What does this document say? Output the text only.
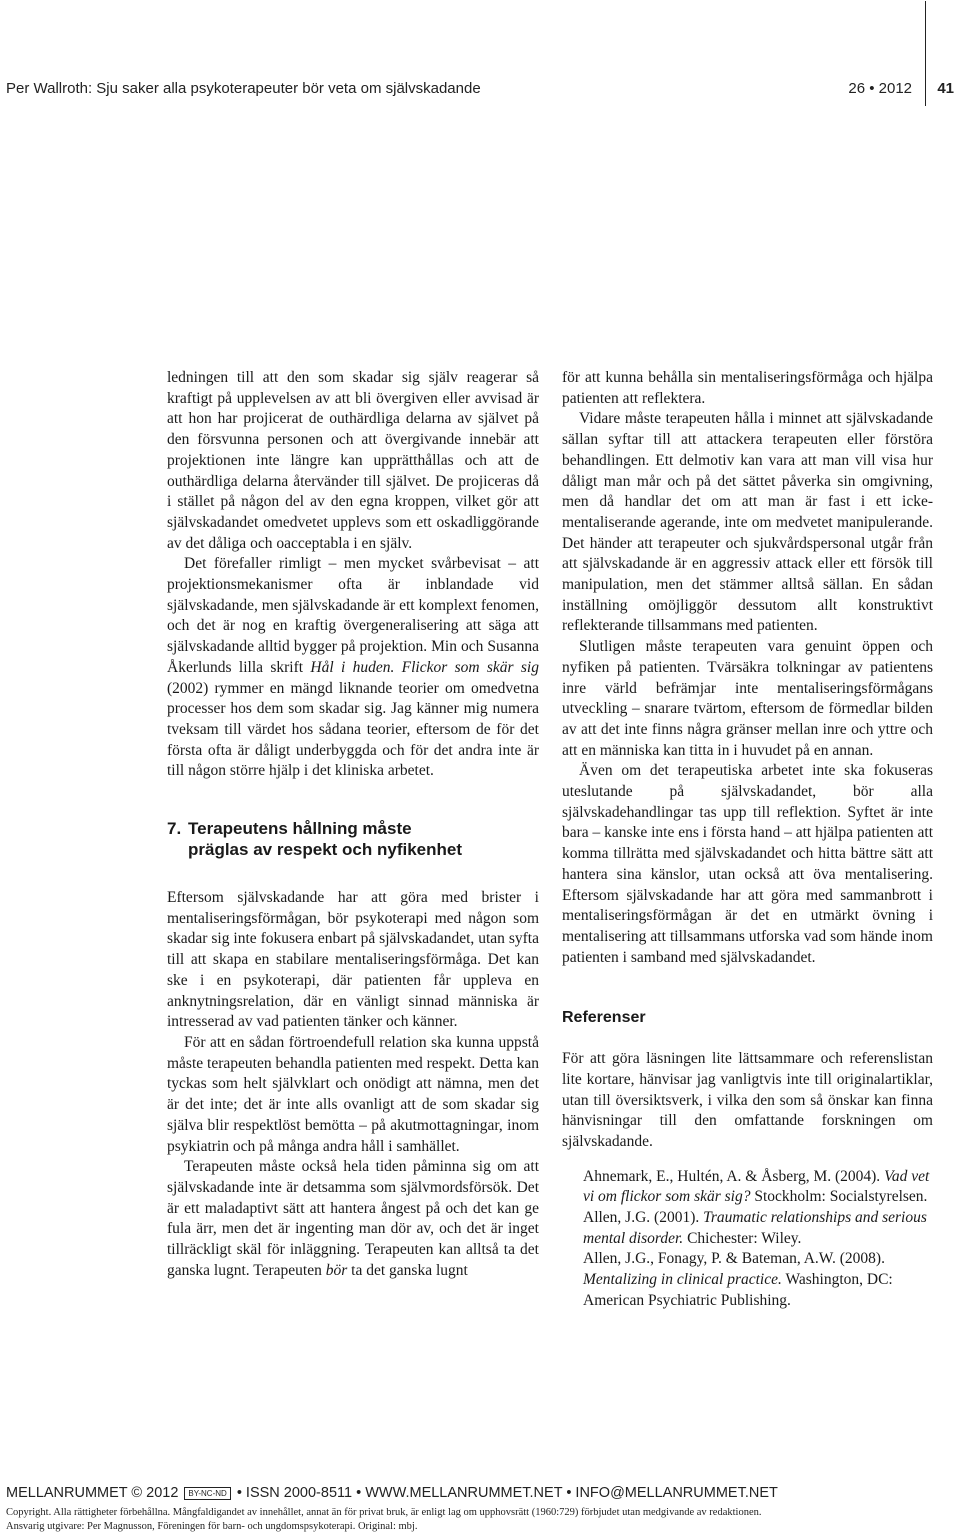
Per Wallroth: Sju saker alla psykoterapeuter bör veta om självskadande	26 • 2012 41

ledningen till att den som skadar sig själv reagerar så kraftigt på upplevelsen av att bli övergiven eller avvisad är att hon har projicerat de outhärdliga delarna av självet på den försvunna personen och att övergivande innebär att projektionen inte längre kan upprätthållas och att de outhärdliga delarna återvänder till självet. De projiceras då i stället på någon del av den egna kroppen, vilket gör att självskadandet omedvetet upplevs som ett oskadliggörande av det dåliga och oacceptabla i en själv.

Det förefaller rimligt – men mycket svårbevisat – att projektionsmekanismer ofta är inblandade vid självskadande, men självskadande är ett komplext fenomen, och det är nog en kraftig övergeneralisering att säga att självskadande alltid bygger på projektion. Min och Susanna Åkerlunds lilla skrift Hål i huden. Flickor som skär sig (2002) rymmer en mängd liknande teorier om omedvetna processer hos dem som skadar sig. Jag känner mig numera tveksam till värdet hos sådana teorier, eftersom de för det första ofta är dåligt underbyggda och för det andra inte är till någon större hjälp i det kliniska arbetet.

7. Terapeutens hållning måste
präglas av respekt och nyfikenhet

Eftersom självskadande har att göra med brister i mentaliseringsförmågan, bör psykoterapi med någon som skadar sig inte fokusera enbart på självskadandet, utan syfta till att skapa en stabilare mentaliseringsförmåga. Det kan ske i en psykoterapi, där patienten får uppleva en anknytningsrelation, där en vänligt sinnad människa är intresserad av vad patienten tänker och känner.

För att en sådan förtroendefull relation ska kunna uppstå måste terapeuten behandla patienten med respekt. Detta kan tyckas som helt självklart och onödigt att nämna, men det är det inte; det är inte alls ovanligt att de som skadar sig själva blir respektlöst bemötta – på akutmottagningar, inom psykiatrin och på många andra håll i samhället.

Terapeuten måste också hela tiden påminna sig om att självskadande inte är detsamma som självmordsförsök. Det är ett maladaptivt sätt att hantera ångest på och det kan ge fula ärr, men det är ingenting man dör av, och det är inget tillräckligt skäl för inläggning. Terapeuten kan alltså ta det ganska lugnt. Terapeuten bör ta det ganska lugnt

för att kunna behålla sin mentaliseringsförmåga och hjälpa patienten att reflektera.

Vidare måste terapeuten hålla i minnet att självskadande sällan syftar till att attackera terapeuten eller förstöra behandlingen. Ett delmotiv kan vara att man vill visa hur dåligt man mår och på det sättet påverka sin omgivning, men då handlar det om att man är fast i ett icke-mentaliserande agerande, inte om medvetet manipulerande. Det händer att terapeuter och sjukvårdspersonal utgår från att självskadande är en aggressiv attack eller ett försök till manipulation, men det stämmer alltså sällan. En sådan inställning omöjliggör dessutom allt konstruktivt reflekterande tillsammans med patienten.

Slutligen måste terapeuten vara genuint öppen och nyfiken på patienten. Tvärsäkra tolkningar av patientens inre värld befrämjar inte mentaliseringsförmågans utveckling – snarare tvärtom, eftersom de förmedlar bilden av att det inte finns några gränser mellan inre och yttre och att en människa kan titta in i huvudet på en annan.

Även om det terapeutiska arbetet inte ska fokuseras uteslutande på självskadandet, bör alla självskadehandlingar tas upp till reflektion. Syftet är inte bara – kanske inte ens i första hand – att hjälpa patienten att komma tillrätta med självskadandet och hitta bättre sätt att hantera sina känslor, utan också att öva mentalisering. Eftersom självskadande har att göra med sammanbrott i mentaliseringsförmågan är det en utmärkt övning i mentalisering att tillsammans utforska vad som hände inom patienten i samband med självskadandet.

Referenser

För att göra läsningen lite lättsammare och referenslistan lite kortare, hänvisar jag vanligtvis inte till originalartiklar, utan till översiktsverk, i vilka den som så önskar kan finna hänvisningar till den omfattande forskningen om självskadande.

Ahnemark, E., Hultén, A. & Åsberg, M. (2004). Vad vet vi om flickor som skär sig? Stockholm: Socialstyrelsen.

Allen, J.G. (2001). Traumatic relationships and serious mental disorder. Chichester: Wiley.

Allen, J.G., Fonagy, P. & Bateman, A.W. (2008). Mentalizing in clinical practice. Washington, DC: American Psychiatric Publishing.

MELLANRUMMET © 2012 BY-NC-ND • ISSN 2000-8511 • WWW.MELLANRUMMET.NET • INFO@MELLANRUMMET.NET
Copyright. Alla rättigheter förbehållna. Mångfaldigandet av innehållet, annat än för privat bruk, är enligt lag om upphovsrätt (1960:729) förbjudet utan medgivande av redaktionen.
Ansvarig utgivare: Per Magnusson, Föreningen för barn- och ungdomspsykoterapi. Original: mbj.
